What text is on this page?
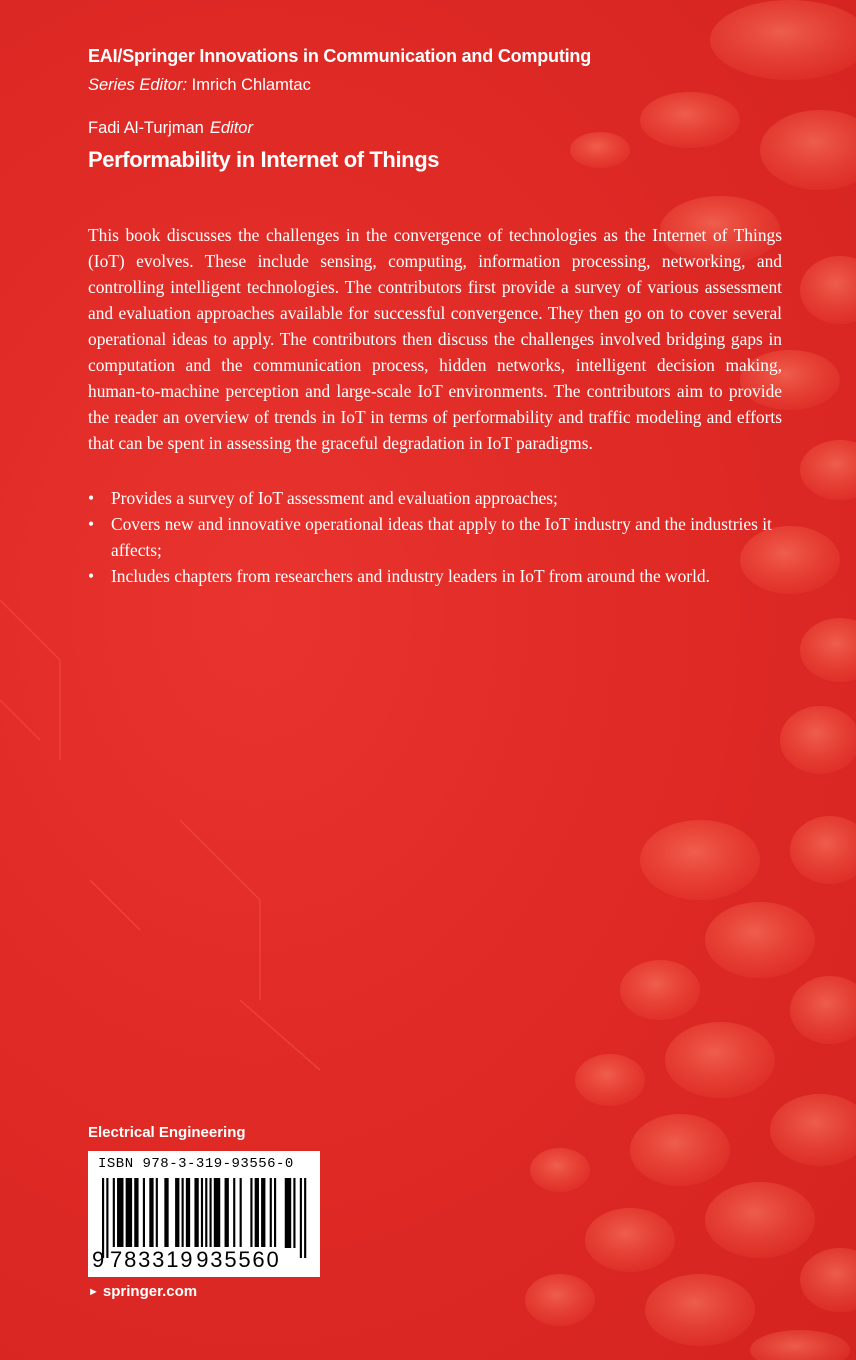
EAI/Springer Innovations in Communication and Computing
Series Editor: Imrich Chlamtac
Fadi Al-Turjman Editor
Performability in Internet of Things

This book discusses the challenges in the convergence of technologies as the Internet of Things (IoT) evolves. These include sensing, computing, information processing, networking, and controlling intelligent technologies. The contributors first provide a survey of various assessment and evaluation approaches available for successful convergence. They then go on to cover several operational ideas to apply. The contributors then discuss the challenges involved bridging gaps in computation and the communication process, hidden networks, intelligent decision making, human-to-machine perception and large-scale IoT environments. The contributors aim to provide the reader an overview of trends in IoT in terms of performability and traffic modeling and efforts that can be spent in assessing the graceful degradation in IoT paradigms.

• Provides a survey of IoT assessment and evaluation approaches;
• Covers new and innovative operational ideas that apply to the IoT industry and the industries it affects;
• Includes chapters from researchers and industry leaders in IoT from around the world.
Electrical Engineering
ISBN 978-3-319-93556-0
9 783319935560
► springer.com
